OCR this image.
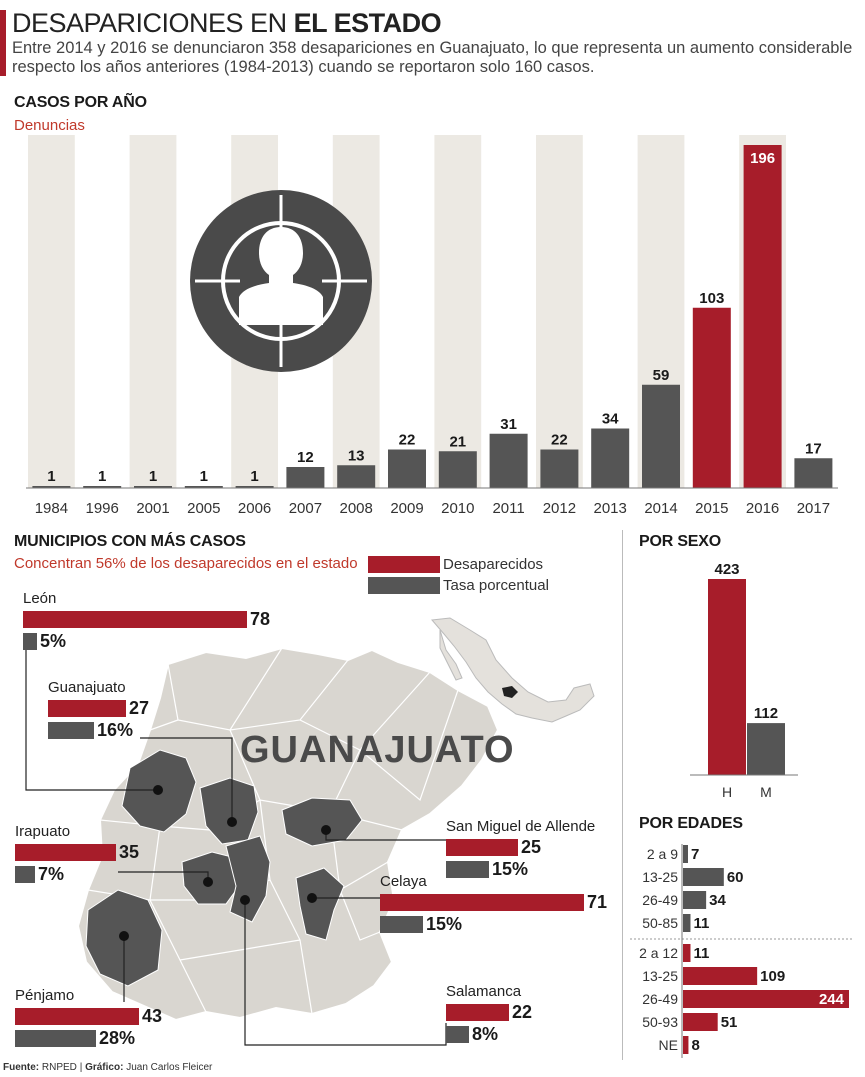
DESAPARICIONES EN EL ESTADO
Entre 2014 y 2016 se denunciaron 358 desapariciones en Guanajuato, lo que representa un aumento considerable respecto los años anteriores (1984-2013) cuando se reportaron solo 160 casos.
CASOS POR AÑO
Denuncias
1
1984
1
1996
1
2001
1
2005
1
2006
12
2007
13
2008
22
2009
21
2010
31
2011
22
2012
34
2013
59
2014
103
2015
196
2016
17
2017
MUNICIPIOS CON MÁS CASOS
Concentran 56% de los desaparecidos en el estado	Desaparecidos
Tasa porcentual
GUANAJUATO
León
78
5%
Guanajuato
27
16%
Irapuato
35
7%
Pénjamo
43
28%
San Miguel de Allende
25
15%
Celaya
71
15%
Salamanca
22
8%
POR SEXO
423
H
112
M
POR EDADES
2 a 9 7
13-25	60
26-49 34
50-85 11
2 a 12 11
13-25	109
26-49	244
50-93	51
NE 8
Fuente: RNPED | Gráfico: Juan Carlos Fleicer
